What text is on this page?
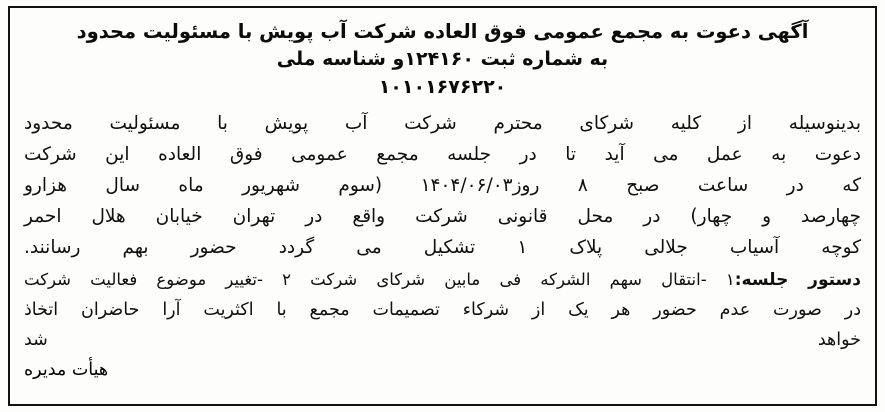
آگهی دعوت به مجمع عمومی فوق العاده شرکت آب پویش با مسئولیت محدود
به شماره ثبت ۱۲۴۱۶۰و شناسه ملی
۱۰۱۰۱۶۷۶۲۲۰

بدینوسیله از کلیه شرکای محترم شرکت آب پویش با مسئولیت محدود

دعوت به عمل می آید تا در جلسه مجمع عمومی فوق العاده این شرکت

که در ساعت صبح ۸ روز۱۴۰۴/۰۶/۰۳ (سوم شهریور ماه سال هزارو

چهارصد و چهار) در محل قانونی شرکت واقع در تهران خیابان هلال احمر

کوچه آسیاب جلالی پلاک ۱ تشکیل می گردد حضور بهم رسانند.

دستور جلسه:۱ -انتقال سهم الشرکه فی مابین شرکای شرکت ۲ -تغییر موضوع فعالیت شرکت
در صورت عدم حضور هر یک از شرکاء تصمیمات مجمع با اکثریت آرا حاضران اتخاذ
خواهد شد
هیأت مدیره
